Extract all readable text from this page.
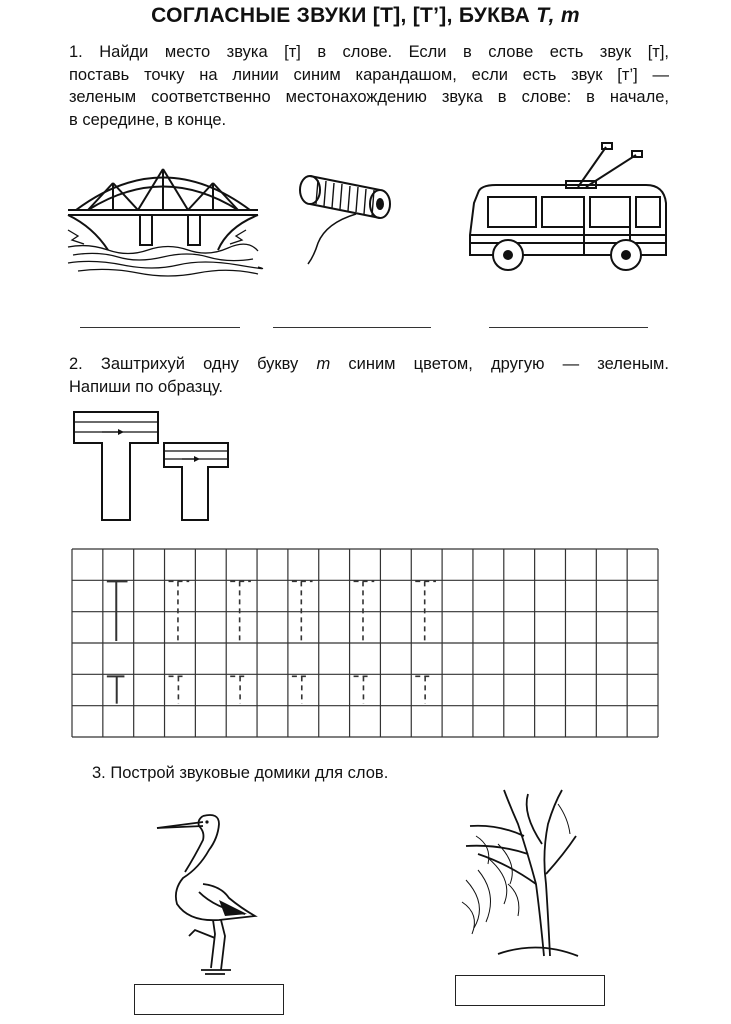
СОГЛАСНЫЕ ЗВУКИ [Т], [Т’], БУКВА Т, т
1. Найди место звука [т] в слове. Если в слове есть звук [т],
поставь точку на линии синим карандашом, если есть звук [т’] —
зеленым соответственно местонахождению звука в слове: в начале,
в середине, в конце.
2. Заштрихуй одну букву т синим цветом, другую — зеленым.
Напиши по образцу.
3. Построй звуковые домики для слов.
